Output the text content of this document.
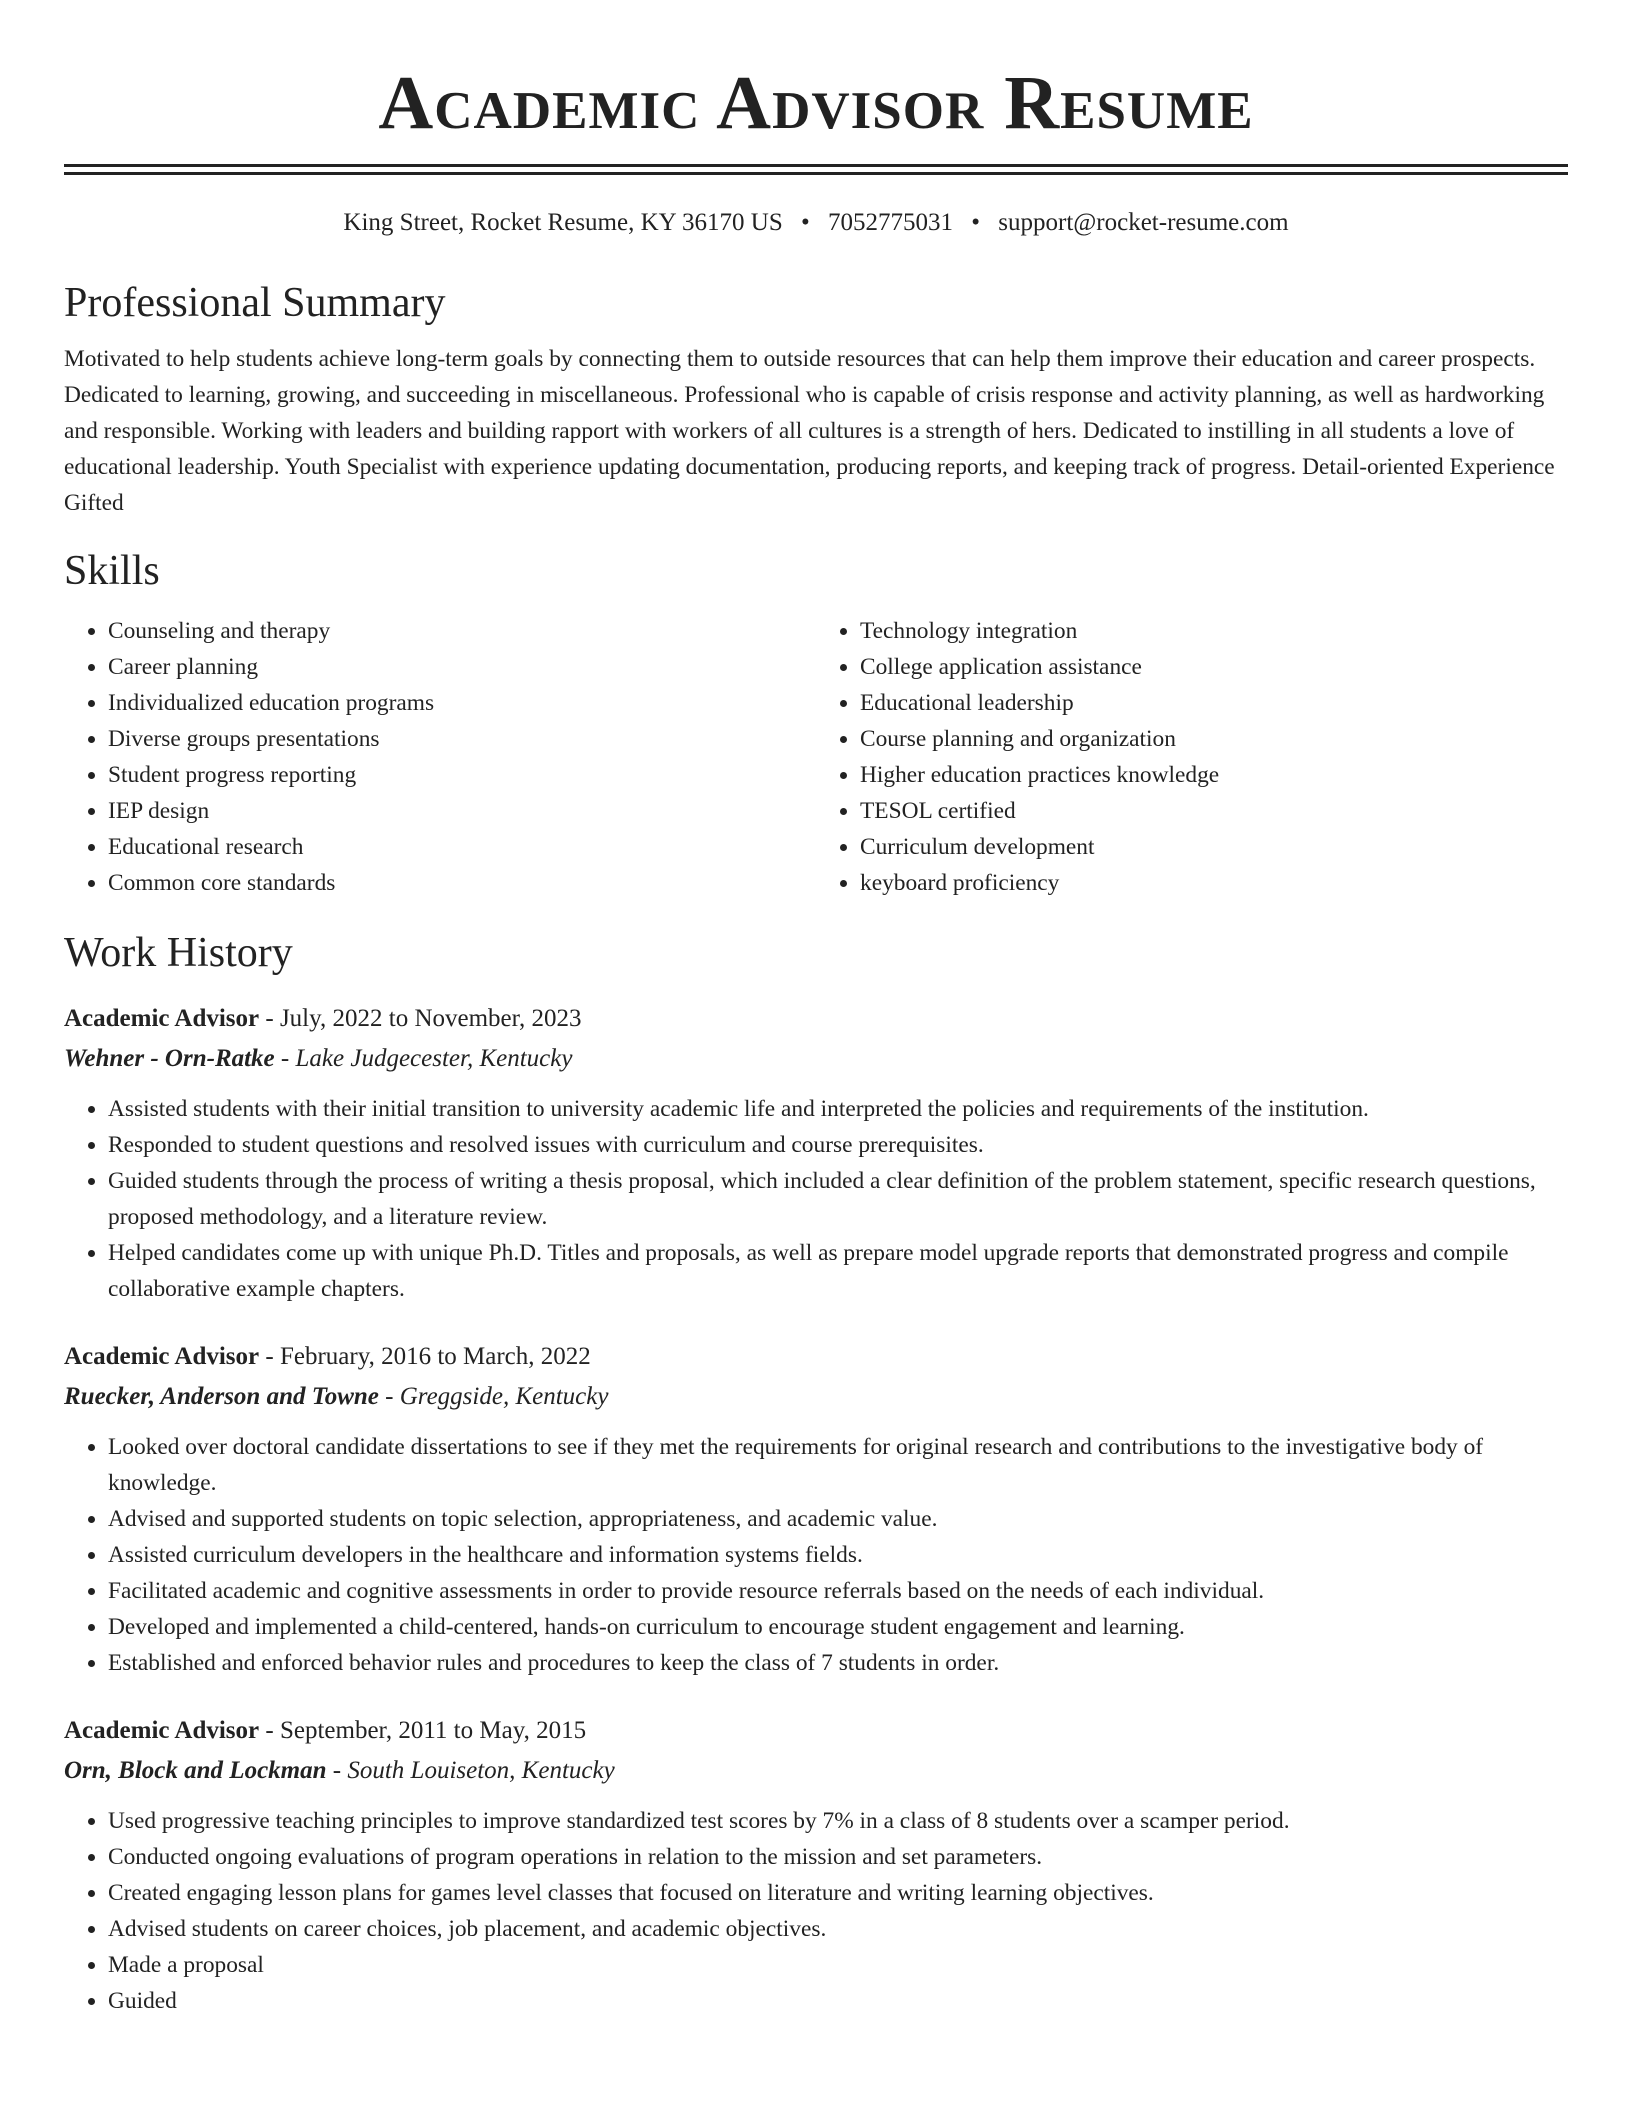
Academic Advisor Resume
King Street, Rocket Resume, KY 36170 US • 7052775031 • support@rocket-resume.com
Professional Summary

Motivated to help students achieve long-term goals by connecting them to outside resources that can help them improve their education and career prospects. Dedicated to learning, growing, and succeeding in miscellaneous. Professional who is capable of crisis response and activity planning, as well as hardworking and responsible. Working with leaders and building rapport with workers of all cultures is a strength of hers. Dedicated to instilling in all students a love of educational leadership. Youth Specialist with experience updating documentation, producing reports, and keeping track of progress. Detail-oriented Experience Gifted

Skills
• Counseling and therapy
• Career planning
• Individualized education programs
• Diverse groups presentations
• Student progress reporting
• IEP design
• Educational research
• Common core standards
• Technology integration
• College application assistance
• Educational leadership
• Course planning and organization
• Higher education practices knowledge
• TESOL certified
• Curriculum development
• keyboard proficiency
Work History
Academic Advisor - July, 2022 to November, 2023
Wehner - Orn-Ratke - Lake Judgecester, Kentucky
• Assisted students with their initial transition to university academic life and interpreted the policies and requirements of the institution.
• Responded to student questions and resolved issues with curriculum and course prerequisites.
• Guided students through the process of writing a thesis proposal, which included a clear definition of the problem statement, specific research questions, proposed methodology, and a literature review.
• Helped candidates come up with unique Ph.D. Titles and proposals, as well as prepare model upgrade reports that demonstrated progress and compile collaborative example chapters.
Academic Advisor - February, 2016 to March, 2022
Ruecker, Anderson and Towne - Greggside, Kentucky
• Looked over doctoral candidate dissertations to see if they met the requirements for original research and contributions to the investigative body of knowledge.
• Advised and supported students on topic selection, appropriateness, and academic value.
• Assisted curriculum developers in the healthcare and information systems fields.
• Facilitated academic and cognitive assessments in order to provide resource referrals based on the needs of each individual.
• Developed and implemented a child-centered, hands-on curriculum to encourage student engagement and learning.
• Established and enforced behavior rules and procedures to keep the class of 7 students in order.
Academic Advisor - September, 2011 to May, 2015
Orn, Block and Lockman - South Louiseton, Kentucky
• Used progressive teaching principles to improve standardized test scores by 7% in a class of 8 students over a scamper period.
• Conducted ongoing evaluations of program operations in relation to the mission and set parameters.
• Created engaging lesson plans for games level classes that focused on literature and writing learning objectives.
• Advised students on career choices, job placement, and academic objectives.
• Made a proposal
• Guided
